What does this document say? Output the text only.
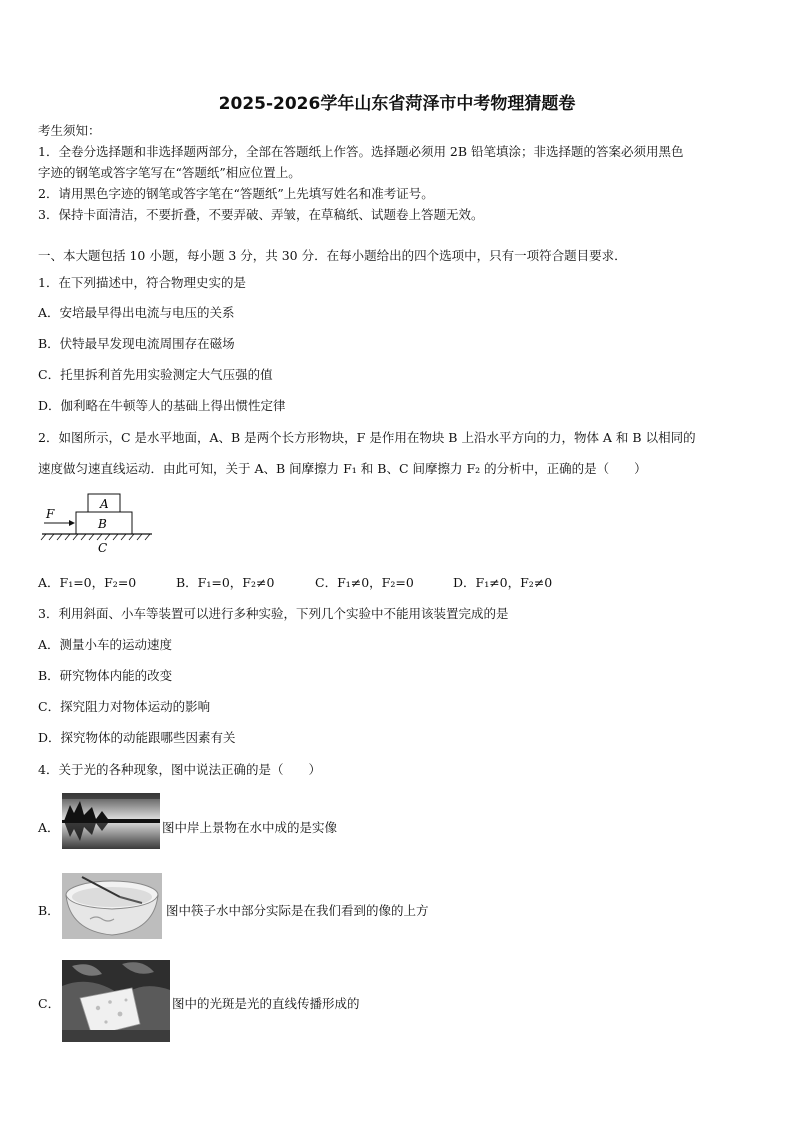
2025-2026学年山东省菏泽市中考物理猜题卷
考生须知：
1．全卷分选择题和非选择题两部分，全部在答题纸上作答。选择题必须用 2B 铅笔填涂；非选择题的答案必须用黑色
字迹的钢笔或答字笔写在“答题纸”相应位置上。
2．请用黑色字迹的钢笔或答字笔在“答题纸”上先填写姓名和准考证号。
3．保持卡面清洁，不要折叠，不要弄破、弄皱，在草稿纸、试题卷上答题无效。
一、本大题包括 10 小题，每小题 3 分，共 30 分．在每小题给出的四个选项中，只有一项符合题目要求．
1．在下列描述中，符合物理史实的是
A．安培最早得出电流与电压的关系
B．伏特最早发现电流周围存在磁场
C．托里拆利首先用实验测定大气压强的值
D．伽利略在牛顿等人的基础上得出惯性定律
2．如图所示，C 是水平地面，A、B 是两个长方形物块，F 是作用在物块 B 上沿水平方向的力，物体 A 和 B 以相同的
速度做匀速直线运动．由此可知，关于 A、B 间摩擦力 F₁ 和 B、C 间摩擦力 F₂ 的分析中，正确的是（　　）
A
B
C
F
A．F₁=0，F₂=0	B．F₁=0，F₂≠0	C．F₁≠0，F₂=0	D．F₁≠0，F₂≠0
3．利用斜面、小车等装置可以进行多种实验，下列几个实验中不能用该装置完成的是
A．测量小车的运动速度
B．研究物体内能的改变
C．探究阻力对物体运动的影响
D．探究物体的动能跟哪些因素有关
4．关于光的各种现象，图中说法正确的是（　　）
A．	图中岸上景物在水中成的是实像
B．	图中筷子水中部分实际是在我们看到的像的上方
C．	图中的光斑是光的直线传播形成的
